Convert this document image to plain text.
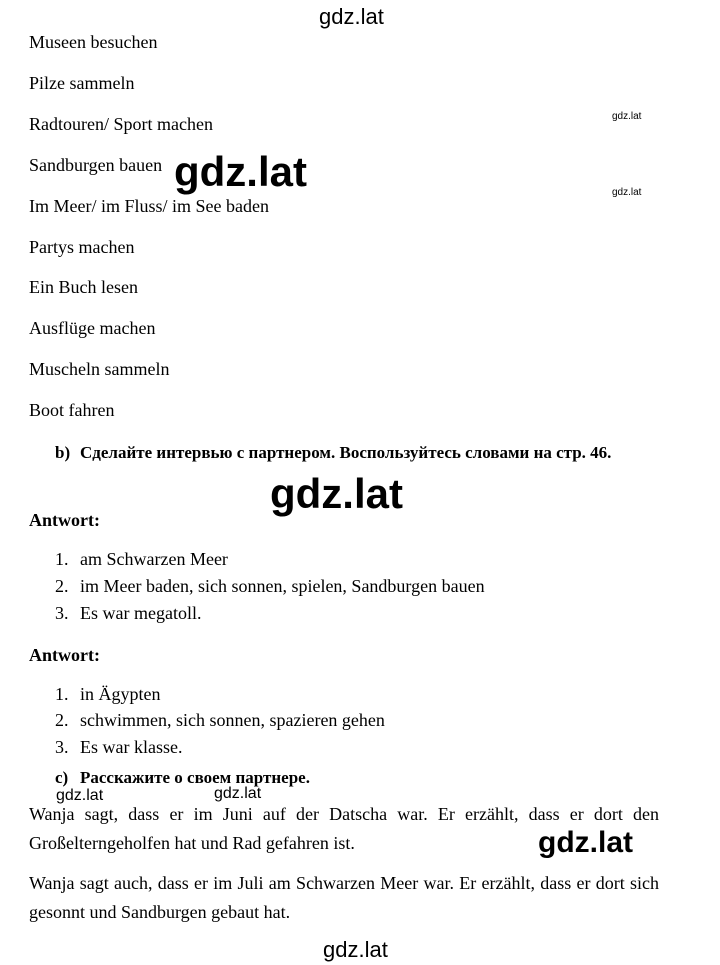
gdz.lat
Museen besuchen
Pilze sammeln
Radtouren/ Sport machen
Sandburgen bauen
Im Meer/ im Fluss/ im See baden
Partys machen
Ein Buch lesen
Ausflüge machen
Muscheln sammeln
Boot fahren
gdz.lat
gdz.lat
gdz.lat
b) Сделайте интервью с партнером. Воспользуйтесь словами на стр. 46.
gdz.lat
Antwort:
1. am Schwarzen Meer
2. im Meer baden, sich sonnen, spielen, Sandburgen bauen
3. Es war megatoll.
Antwort:
1. in Ägypten
2. schwimmen, sich sonnen, spazieren gehen
3. Es war klasse.
c) Расскажите о своем партнере.
gdz.lat	gdz.lat
Wanja sagt, dass er im Juni auf der Datscha war. Er erzählt, dass er dort den Großelterngeholfen hat und Rad gefahren ist.	gdz.lat
Wanja sagt auch, dass er im Juli am Schwarzen Meer war. Er erzählt, dass er dort sich gesonnt und Sandburgen gebaut hat.
gdz.lat
